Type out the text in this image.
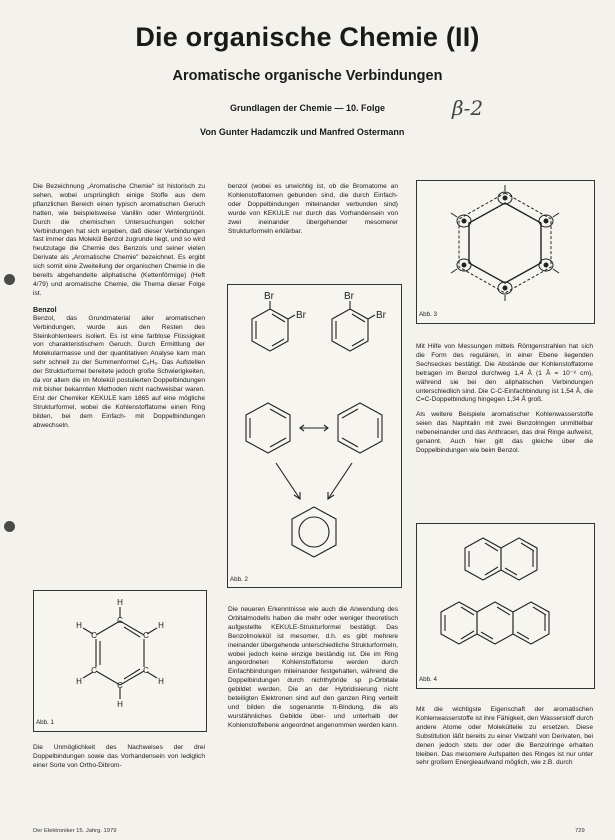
Die organische Chemie (II)
Aromatische organische Verbindungen
Grundlagen der Chemie — 10. Folge
Von Gunter Hadamczik und Manfred Ostermann
β-2

Die Bezeichnung „Aromatische Chemie" ist historisch zu sehen, wobei ursprünglich einige Stoffe aus dem pflanzlichen Bereich einen typisch aromatischen Geruch hatten, wie beispielsweise Vanillin oder Wintergrünöl. Durch die chemischen Untersuchungen solcher Verbindungen hat sich ergeben, daß dieser Verbindungen fast immer das Molekül Benzol zugrunde liegt, und so wird heutzutage die Chemie des Benzols und seiner vielen Derivate als „Aromatische Chemie" bezeichnet. Es ergibt sich somit eine Zweiteilung der organischen Chemie in die bereits abgehandelte aliphatische (Kettenförmige) (Heft 4/79) und aromatische Chemie, die Thema dieser Folge ist.

Benzol

Benzol, das Grundmaterial aller aromatischen Verbindungen, wurde aus den Resten des Steinkohlenteers isoliert. Es ist eine farblose Flüssigkeit von charakteristischem Geruch. Durch Ermittlung der Molekularmasse und der quantitativen Analyse kam man sehr schnell zu der Summenformel C₆H₆. Das Aufstellen der Strukturformel bereitete jedoch große Schwierigkeiten, da vor allem die im Molekül postulierten Doppelbindungen mit bisher bekannten Methoden nicht nachweisbar waren. Erst der Chemiker KEKULE kam 1865 auf eine mögliche Strukturformel, wobei die Kohlenstoffatome einen Ring bilden, bei dem Einfach- mit Doppelbindungen abwechseln.

C
C
C
C
C
C
H
H
H
H
H
H
Abb. 1

Die Unmöglichkeit des Nachweises der drei Doppelbindungen sowie das Vorhandensein von lediglich einer Sorte von Ortho-Dibrom-

benzol (wobei es unwichtig ist, ob die Bromatome an Kohlenstoffatomen gebunden sind, die durch Einfach- oder Doppelbindungen miteinander verbunden sind) wurde von KEKULE nur durch das Vorhandensein von zwei ineinander übergehender mesomerer Strukturformeln erklärbar.

Br
Br
Br
Br
Abb. 2

Die neueren Erkenntnisse wie auch die Anwendung des Orbitalmodells haben die mehr oder weniger theoretisch aufgestellte KEKULE-Strukturformel bestätigt. Das Benzolmolekül ist mesomer, d.h. es gibt mehrere ineinander übergehende unterschiedliche Strukturformeln, wobei jedoch keine einzige beständig ist. Die im Ring angeordneten Kohlenstoffatome werden durch Einfachbindungen miteinander festgehalten, während die Doppelbindungen durch nichthybride sp p-Orbitale gebildet werden. Die an der Hybridisierung nicht beteiligten Elektronen sind auf den ganzen Ring verteilt und bilden die sogenannte π-Bindung, die als wurstähnliches Gebilde über- und unterhalb der Kohlenstoffebene angeordnet angenommen werden kann.

Abb. 3

Mit Hilfe von Messungen mittels Röntgenstrahlen hat sich die Form des regulären, in einer Ebene liegenden Sechseckes bestätigt. Die Abstände der Kohlenstoffatome betragen im Benzol durchweg 1,4 Å (1 Å = 10⁻⁸ cm), während sie bei den aliphatischen Verbindungen unterschiedlich sind. Die C-C-Einfachbindung ist 1,54 Å, die C=C-Doppelbindung hingegen 1,34 Å groß.

Als weitere Beispiele aromatischer Kohlenwasserstoffe seien das Naphtalin mit zwei Benzolringen unmittelbar nebeneinander und das Anthracen, das drei Ringe aufweist, genannt. Auch hier gilt das gleiche über die Doppelbindungen wie beim Benzol.

Abb. 4

Mit die wichtigste Eigenschaft der aromatischen Kohlenwasserstoffe ist ihre Fähigkeit, den Wasserstoff durch andere Atome oder Molekülteile zu ersetzen. Diese Substitution läßt bereits zu einer Vielzahl von Derivaten, bei denen jedoch stets der oder die Benzolringe erhalten bleiben. Das mesomere Aufspalten des Ringes ist nur unter sehr großem Energieaufwand möglich, wie z.B. durch

Der Elektroniker 15. Jahrg. 1979	729
